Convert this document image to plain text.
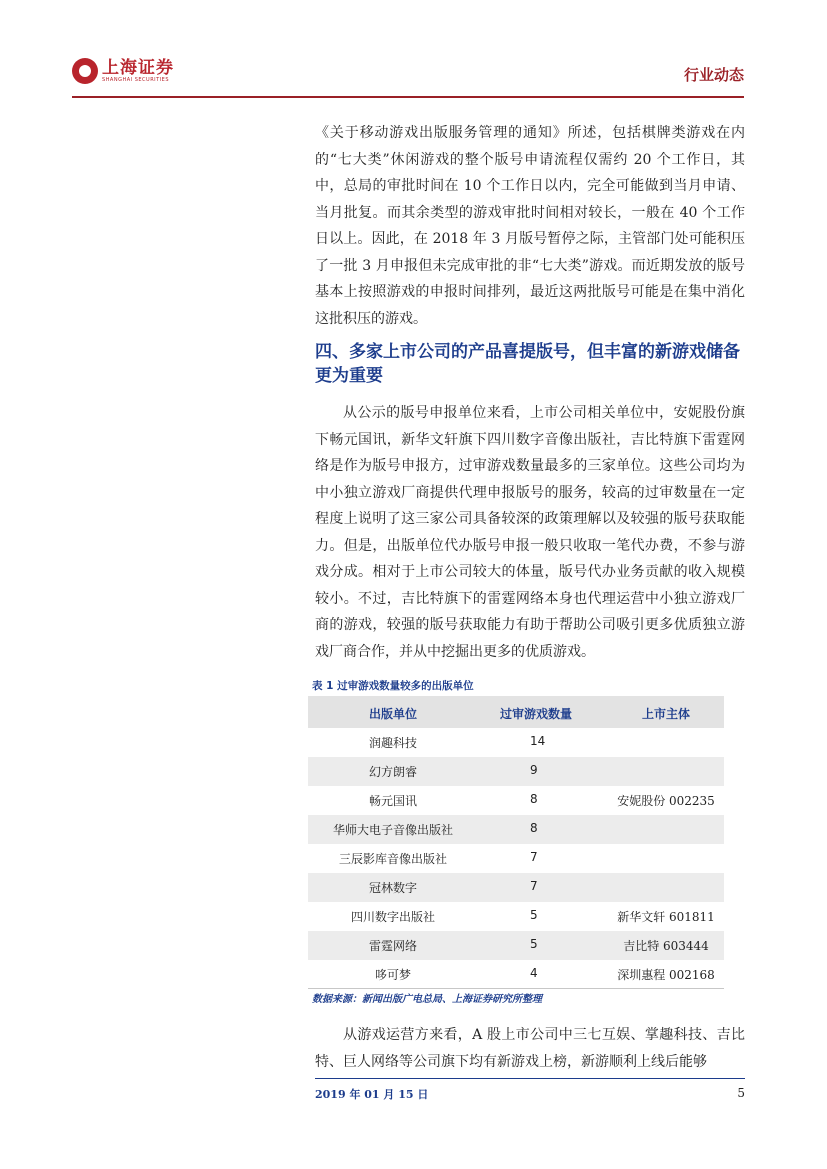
上海证券
SHANGHAI SECURITIES	行业动态

《关于移动游戏出版服务管理的通知》所述，包括棋牌类游戏在内的“七大类”休闲游戏的整个版号申请流程仅需约 20 个工作日，其中，总局的审批时间在 10 个工作日以内，完全可能做到当月申请、当月批复。而其余类型的游戏审批时间相对较长，一般在 40 个工作日以上。因此，在 2018 年 3 月版号暂停之际，主管部门处可能积压了一批 3 月申报但未完成审批的非“七大类”游戏。而近期发放的版号基本上按照游戏的申报时间排列，最近这两批版号可能是在集中消化这批积压的游戏。

四、多家上市公司的产品喜提版号，但丰富的新游戏储备更为重要

从公示的版号申报单位来看，上市公司相关单位中，安妮股份旗下畅元国讯，新华文轩旗下四川数字音像出版社，吉比特旗下雷霆网络是作为版号申报方，过审游戏数量最多的三家单位。这些公司均为中小独立游戏厂商提供代理申报版号的服务，较高的过审数量在一定程度上说明了这三家公司具备较深的政策理解以及较强的版号获取能力。但是，出版单位代办版号申报一般只收取一笔代办费，不参与游戏分成。相对于上市公司较大的体量，版号代办业务贡献的收入规模较小。不过，吉比特旗下的雷霆网络本身也代理运营中小独立游戏厂商的游戏，较强的版号获取能力有助于帮助公司吸引更多优质独立游戏厂商合作，并从中挖掘出更多的优质游戏。

表 1 过审游戏数量较多的出版单位
出版单位	过审游戏数量	上市主体
润趣科技	14
幻方朗睿	9
畅元国讯	8	安妮股份 002235
华师大电子音像出版社	8
三辰影库音像出版社	7
冠林数字	7
四川数字出版社	5	新华文轩 601811
雷霆网络	5	吉比特 603444
哆可梦	4	深圳惠程 002168
数据来源：新闻出版广电总局、上海证券研究所整理

从游戏运营方来看，A 股上市公司中三七互娱、掌趣科技、吉比特、巨人网络等公司旗下均有新游戏上榜，新游顺利上线后能够

2019 年 01 月 15 日	5
